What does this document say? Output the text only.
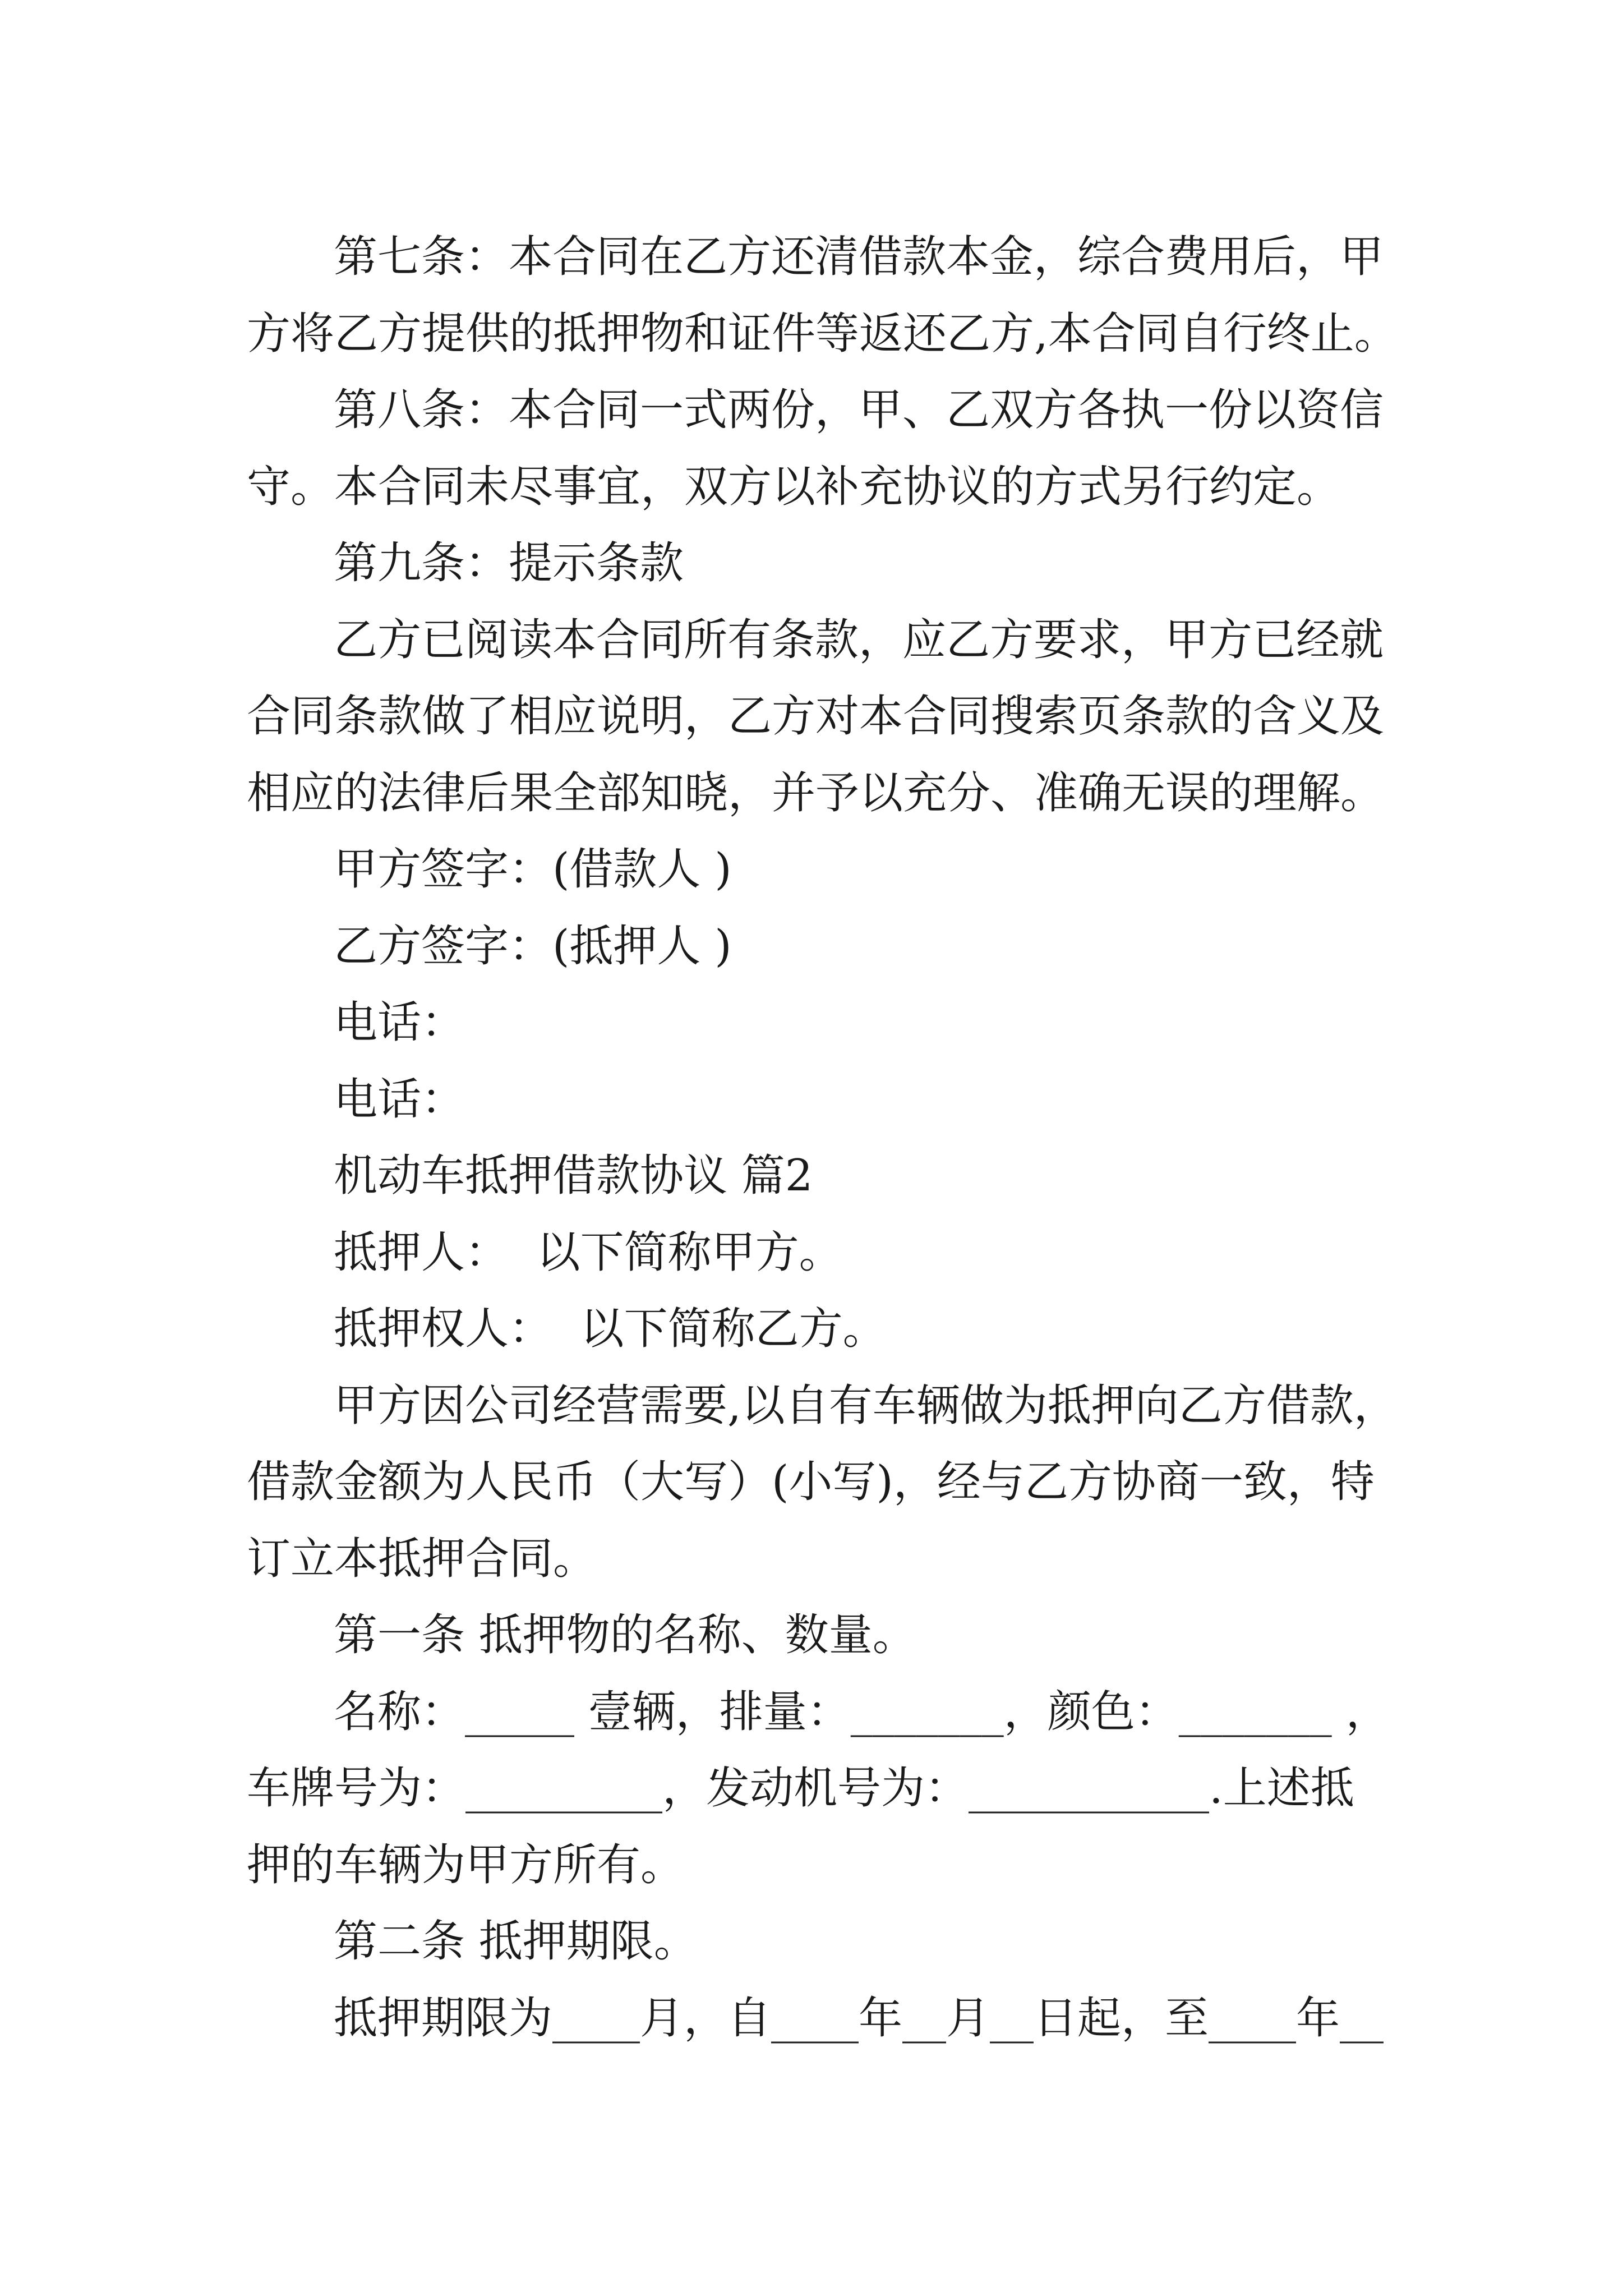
第七条：本合同在乙方还清借款本金，综合费用后，甲
方将乙方提供的抵押物和证件等返还乙方,本合同自行终止。

第八条：本合同一式两份，甲、乙双方各执一份以资信
守。本合同未尽事宜，双方以补充协议的方式另行约定。

第九条：提示条款

乙方已阅读本合同所有条款，应乙方要求，甲方已经就
合同条款做了相应说明，乙方对本合同搜索页条款的含义及
相应的法律后果全部知晓，并予以充分、准确无误的理解。

甲方签字：(借款人 )

乙方签字：(抵押人 )

电话：

电话：

机动车抵押借款协议 篇2

抵押人：  以下简称甲方。

抵押权人：  以下简称乙方。

甲方因公司经营需要,以自有车辆做为抵押向乙方借款，
借款金额为人民币（大写）(小写)，经与乙方协商一致，特
订立本抵押合同。

第一条 抵押物的名称、数量。

名称：_____ 壹辆，排量：_______，颜色：_______ ，
车牌号为：_________，发动机号为：___________.上述抵
押的车辆为甲方所有。

第二条 抵押期限。

抵押期限为____月，自____年__月__日起，至____年__
